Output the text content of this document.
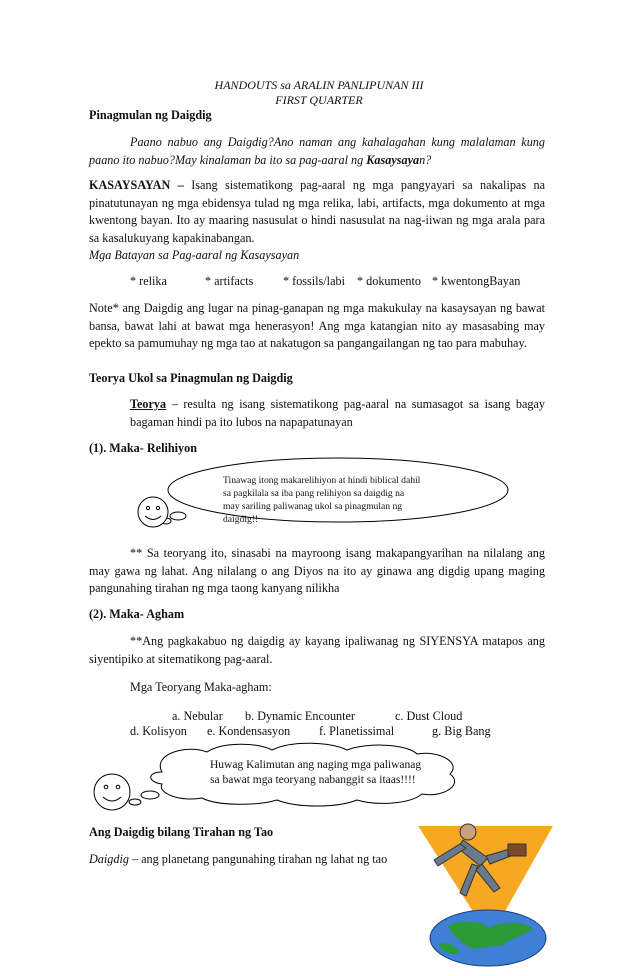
HANDOUTS sa ARALIN PANLIPUNAN III
FIRST QUARTER
Pinagmulan ng Daigdig

Paano nabuo ang Daigdig?Ano naman ang kahalagahan kung malalaman kung paano ito nabuo?May kinalaman ba ito sa pag-aaral ng Kasaysayan?

KASAYSAYAN – Isang sistematikong pag-aaral ng mga pangyayari sa nakalipas na pinatutunayan ng mga ebidensya tulad ng mga relika, labi, artifacts, mga dokumento at mga kwentong bayan. Ito ay maaring nasusulat o hindi nasusulat na nag-iiwan ng mga arala para sa kasalukuyang kapakinabangan.

Mga Batayan sa Pag-aaral ng Kasaysayan
* relika	* artifacts * fossils/labi * dokumento * kwentongBayan

Note* ang Daigdig ang lugar na pinag-ganapan ng mga makukulay na kasaysayan ng bawat bansa, bawat lahi at bawat mga henerasyon! Ang mga katangian nito ay masasabing may epekto sa pamumuhay ng mga tao at nakatugon sa pangangailangan ng tao para mabuhay.

Teorya Ukol sa Pinagmulan ng Daigdig

Teorya – resulta ng isang sistematikong pag-aaral na sumasagot sa isang bagay bagaman hindi pa ito lubos na napapatunayan

(1). Maka- Relihiyon
Tinawag itong makarelihiyon at hindi biblical dahil
sa pagkilala sa iba pang relihiyon sa daigdig na
may sariling paliwanag ukol sa pinagmulan ng
daigdig!!

** Sa teoryang ito, sinasabi na mayroong isang makapangyarihan na nilalang ang may gawa ng lahat. Ang nilalang o ang Diyos na ito ay ginawa ang digdig upang maging pangunahing tirahan ng mga taong kanyang nilikha

(2). Maka- Agham

**Ang pagkakabuo ng daigdig ay kayang ipaliwanag ng SIYENSYA matapos ang siyentipiko at sitematikong pag-aaral.

Mga Teoryang Maka-agham:
a. Nebular b. Dynamic Encounter	c. Dust Cloud
d. Kolisyon e. Kondensasyon f. Planetissimal	g. Big Bang
Huwag Kalimutan ang naging mga paliwanag
sa bawat mga teoryang nabanggit sa itaas!!!!
Ang Daigdig bilang Tirahan ng Tao

Daigdig – ang planetang pangunahing tirahan ng lahat ng tao
